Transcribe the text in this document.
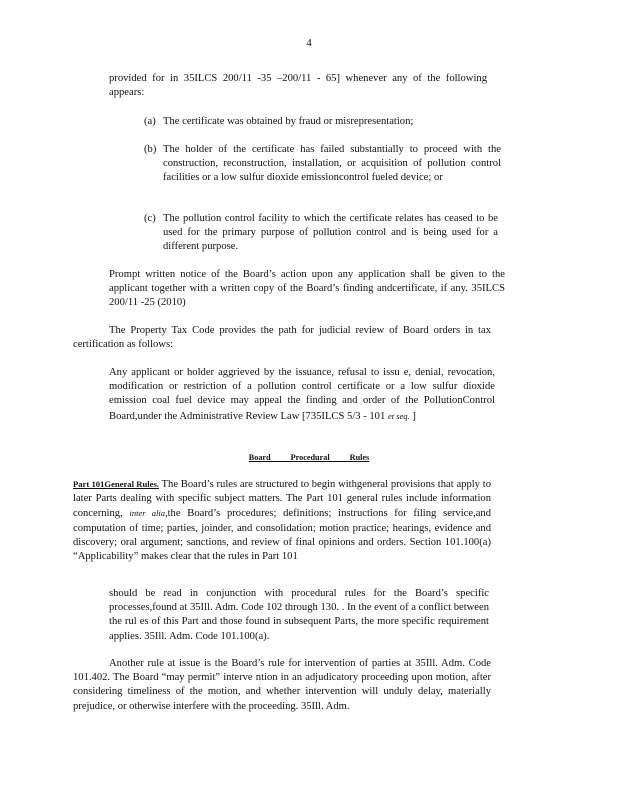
4

provided for in 35ILCS 200/11 -35 –200/11 - 65] whenever any of the following appears:

(a) The certificate was obtained by fraud or misrepresentation;
(b) The holder of the certificate has failed substantially to proceed with the construction, reconstruction, installation, or acquisition of pollution control facilities or a low sulfur dioxide emissioncontrol fueled device; or
(c) The pollution control facility to which the certificate relates has ceased to be used for the primary purpose of pollution control and is being used for a different purpose.

Prompt written notice of the Board’s action upon any application shall be given to the applicant together with a written copy of the Board’s finding andcertificate, if any. 35ILCS 200/11 -25 (2010)

The Property Tax Code provides the path for judicial review of Board orders in tax certification as follows:

Any applicant or holder aggrieved by the issuance, refusal to issu e, denial, revocation, modification or restriction of a pollution control certificate or a low sulfur dioxide emission coal fuel device may appeal the finding and order of the PollutionControl Board,under the Administrative Review Law [735ILCS 5/3 - 101 et seq. ]

Board Procedural Rules

Part 101General Rules. The Board’s rules are structured to begin withgeneral provisions that apply to later Parts dealing with specific subject matters. The Part 101 general rules include information concerning, inter alia,the Board’s procedures; definitions; instructions for filing service,and computation of time; parties, joinder, and consolidation; motion practice; hearings, evidence and discovery; oral argument; sanctions, and review of final opinions and orders. Section 101.100(a) “Applicability” makes clear that the rules in Part 101

should be read in conjunction with procedural rules for the Board’s specific processes,found at 35Ill. Adm. Code 102 through 130. . In the event of a conflict between the rul es of this Part and those found in subsequent Parts, the more specific requirement applies. 35Ill. Adm. Code 101.100(a).

Another rule at issue is the Board’s rule for intervention of parties at 35Ill. Adm. Code 101.402. The Board “may permit” interve ntion in an adjudicatory proceeding upon motion, after considering timeliness of the motion, and whether intervention will unduly delay, materially prejudice, or otherwise interfere with the proceeding. 35Ill. Adm.
